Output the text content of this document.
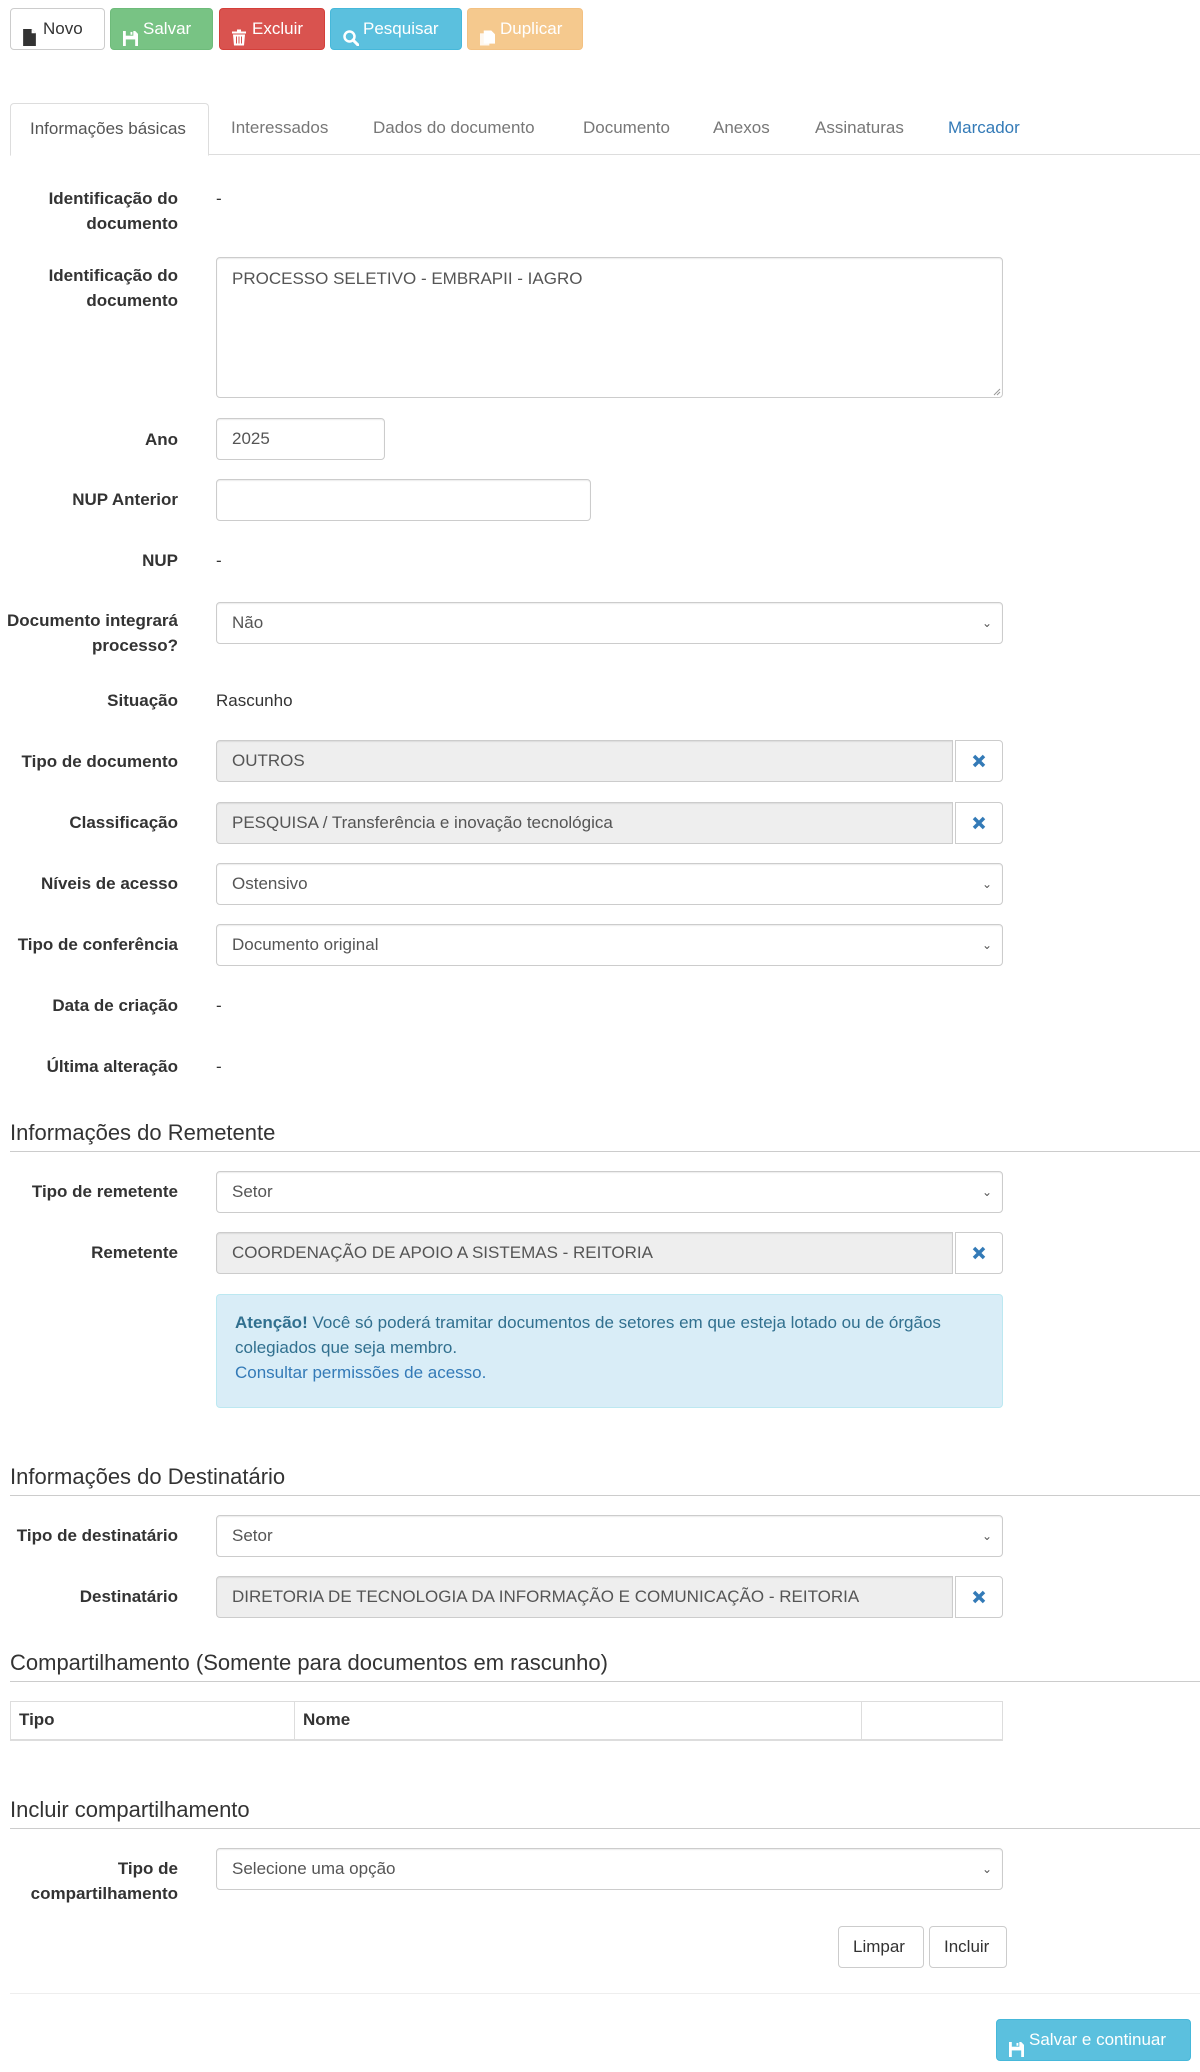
Novo	Salvar	Excluir	Pesquisar	Duplicar
Informações básicas	Interessados	Dados do documento	Documento	Anexos	Assinaturas	Marcador
Identificação do documento
-
Identificação do documento
PROCESSO SELETIVO - EMBRAPII - IAGRO
Ano	2025
NUP Anterior
NUP -
Documento integrará processo?
Não	⌄
Situação Rascunho
Tipo de documento	OUTROS
Classificação	PESQUISA / Transferência e inovação tecnológica
Níveis de acesso	Ostensivo	⌄
Tipo de conferência	Documento original	⌄
Data de criação -
Última alteração -
Informações do Remetente
Tipo de remetente	Setor	⌄
Remetente	COORDENAÇÃO DE APOIO A SISTEMAS - REITORIA
Atenção! Você só poderá tramitar documentos de setores em que esteja lotado ou de órgãos colegiados que seja membro.
Consultar permissões de acesso.
Informações do Destinatário
Tipo de destinatário	Setor	⌄
Destinatário	DIRETORIA DE TECNOLOGIA DA INFORMAÇÃO E COMUNICAÇÃO - REITORIA
Compartilhamento (Somente para documentos em rascunho)
Tipo	Nome
Incluir compartilhamento
Tipo de compartilhamento
Selecione uma opção	⌄
Limpar	Incluir
Salvar e continuar
